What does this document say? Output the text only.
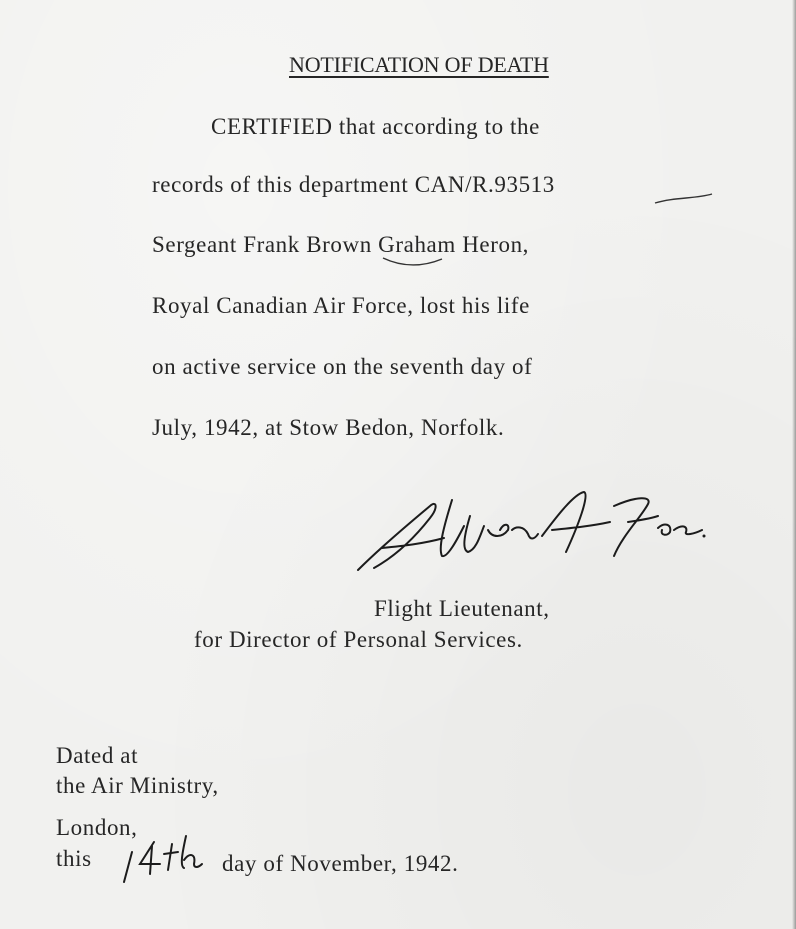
NOTIFICATION OF DEATH
CERTIFIED that according to the
records of this department CAN/R.93513
Sergeant Frank Brown Graham Heron,
Royal Canadian Air Force, lost his life
on active service on the seventh day of
July, 1942, at Stow Bedon, Norfolk.
Flight Lieutenant,
for Director of Personal Services.
Dated at
the Air Ministry,
London,
this	day of November, 1942.
